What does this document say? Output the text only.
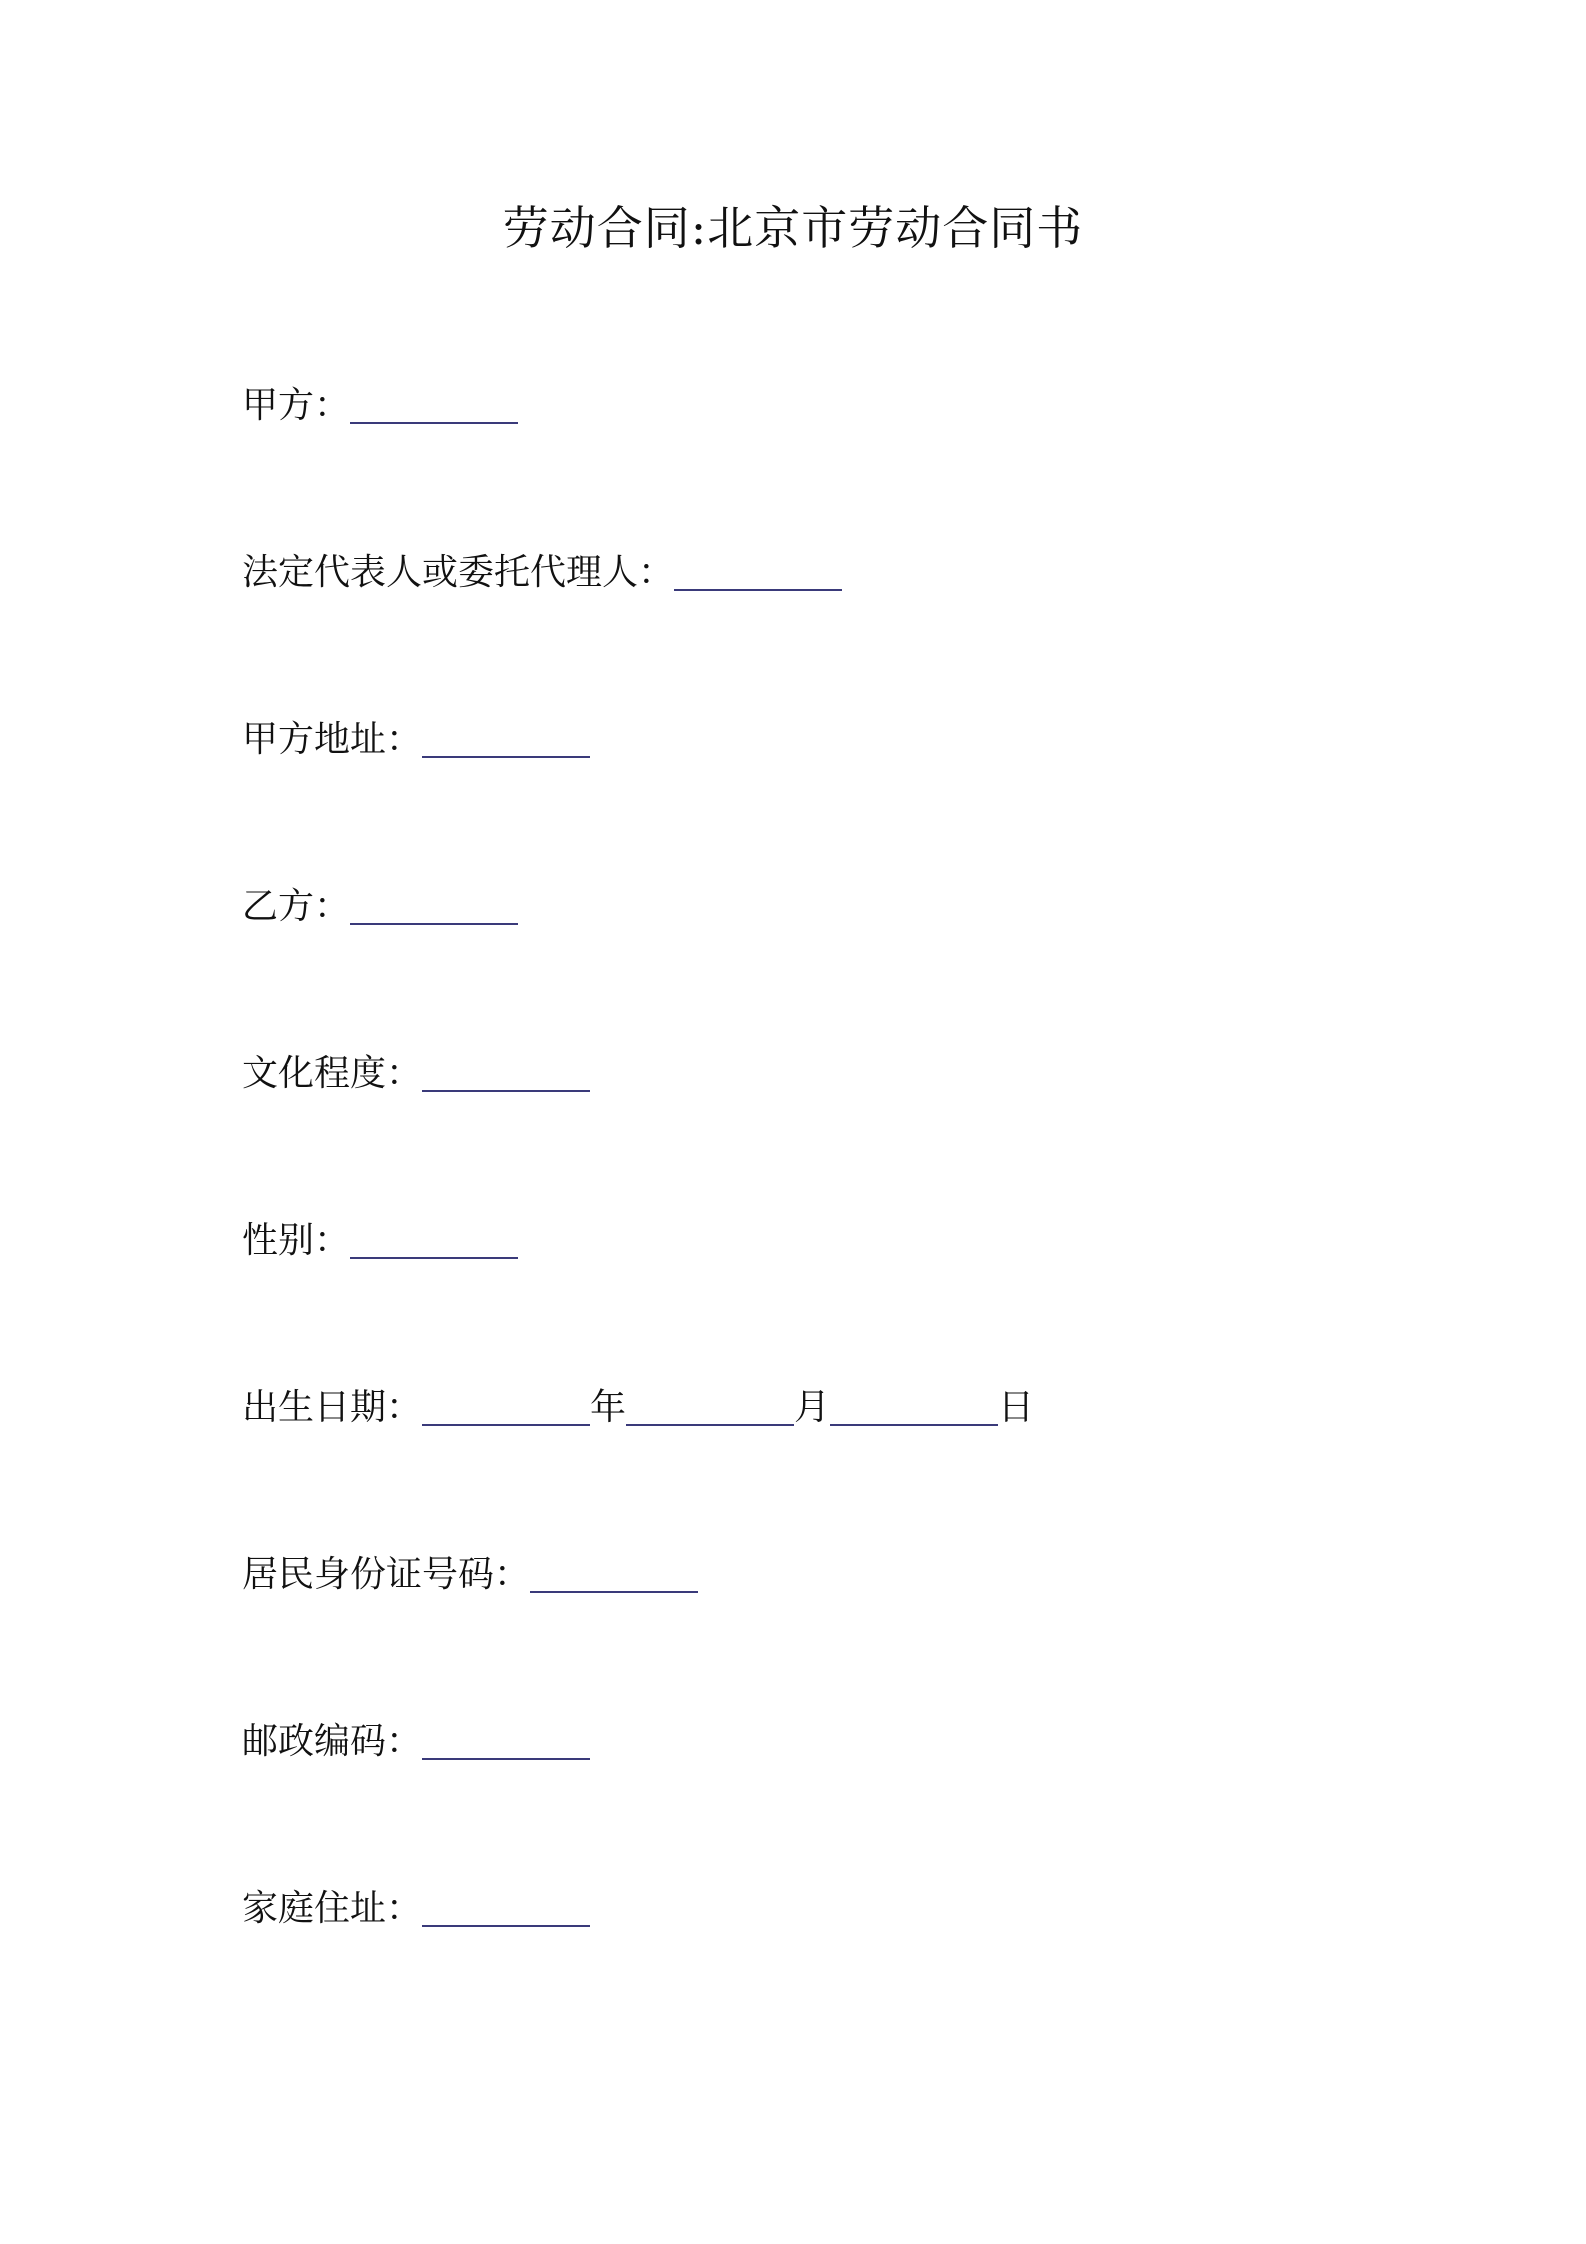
劳动合同:北京市劳动合同书
甲方：
法定代表人或委托代理人：
甲方地址：
乙方：
文化程度：
性别：
出生日期：	年	月	日
居民身份证号码：
邮政编码：
家庭住址：
